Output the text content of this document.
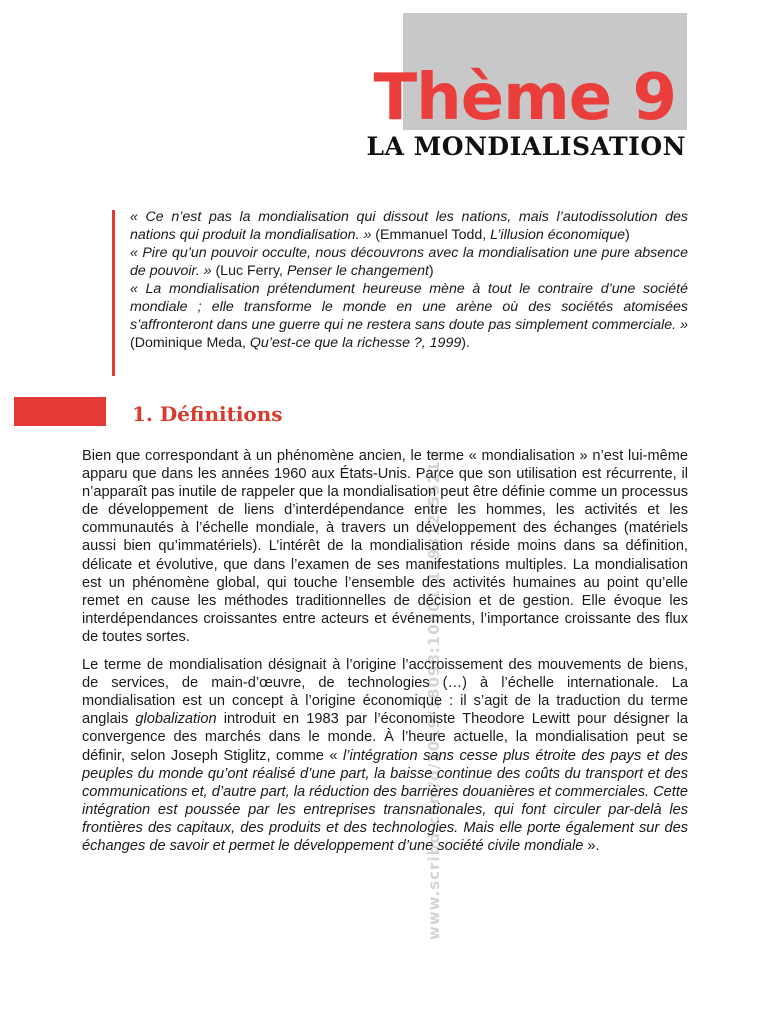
Thème 9
LA MONDIALISATION

« Ce n’est pas la mondialisation qui dissout les nations, mais l’autodissolution des nations qui produit la mondialisation. » (Emmanuel Todd, L’illusion économique)

« Pire qu’un pouvoir occulte, nous découvrons avec la mondialisation une pure absence de pouvoir. » (Luc Ferry, Penser le changement)

« La mondialisation prétendument heureuse mène à tout le contraire d’une société mondiale ; elle transforme le monde en une arène où des sociétés atomisées s’affronteront dans une guerre qui ne restera sans doute pas simplement commerciale. » (Dominique Meda, Qu’est-ce que la richesse ?, 1999).

1. Définitions

Bien que correspondant à un phénomène ancien, le terme « mondialisation » n’est lui-même apparu que dans les années 1960 aux États-Unis. Parce que son utilisation est récurrente, il n’apparaît pas inutile de rappeler que la mondialisation peut être définie comme un processus de développement de liens d’interdépendance entre les hommes, les activités et les communautés à l’échelle mondiale, à travers un développement des échanges (matériels aussi bien qu’immatériels). L’intérêt de la mondialisation réside moins dans sa définition, délicate et évolutive, que dans l’examen de ses manifestations multiples. La mondialisation est un phénomène global, qui touche l’ensemble des activités humaines au point qu’elle remet en cause les méthodes traditionnelles de décision et de gestion. Elle évoque les interdépendances croissantes entre acteurs et événements, l’importance croissante des flux de toutes sortes.

Le terme de mondialisation désignait à l’origine l’accroissement des mouvements de biens, de services, de main-d’œuvre, de technologies (…) à l’échelle internationale. La mondialisation est un concept à l’origine économique : il s’agit de la traduction du terme anglais globalization introduit en 1983 par l’économiste Theodore Lewitt pour désigner la convergence des marchés dans le monde. À l’heure actuelle, la mondialisation peut se définir, selon Joseph Stiglitz, comme « l’intégration sans cesse plus étroite des pays et des peuples du monde qu’ont réalisé d’une part, la baisse continue des coûts du transport et des communications et, d’autre part, la réduction des barrières douanières et commerciales. Cette intégration est poussée par les entreprises transnationales, qui font circuler par-delà les frontières des capitaux, des produits et des technologies. Mais elle porte également sur des échanges de savoir et permet le développement d’une société civile mondiale ».

www.scribd.com/d/2019/18098:10001:159312:55212
